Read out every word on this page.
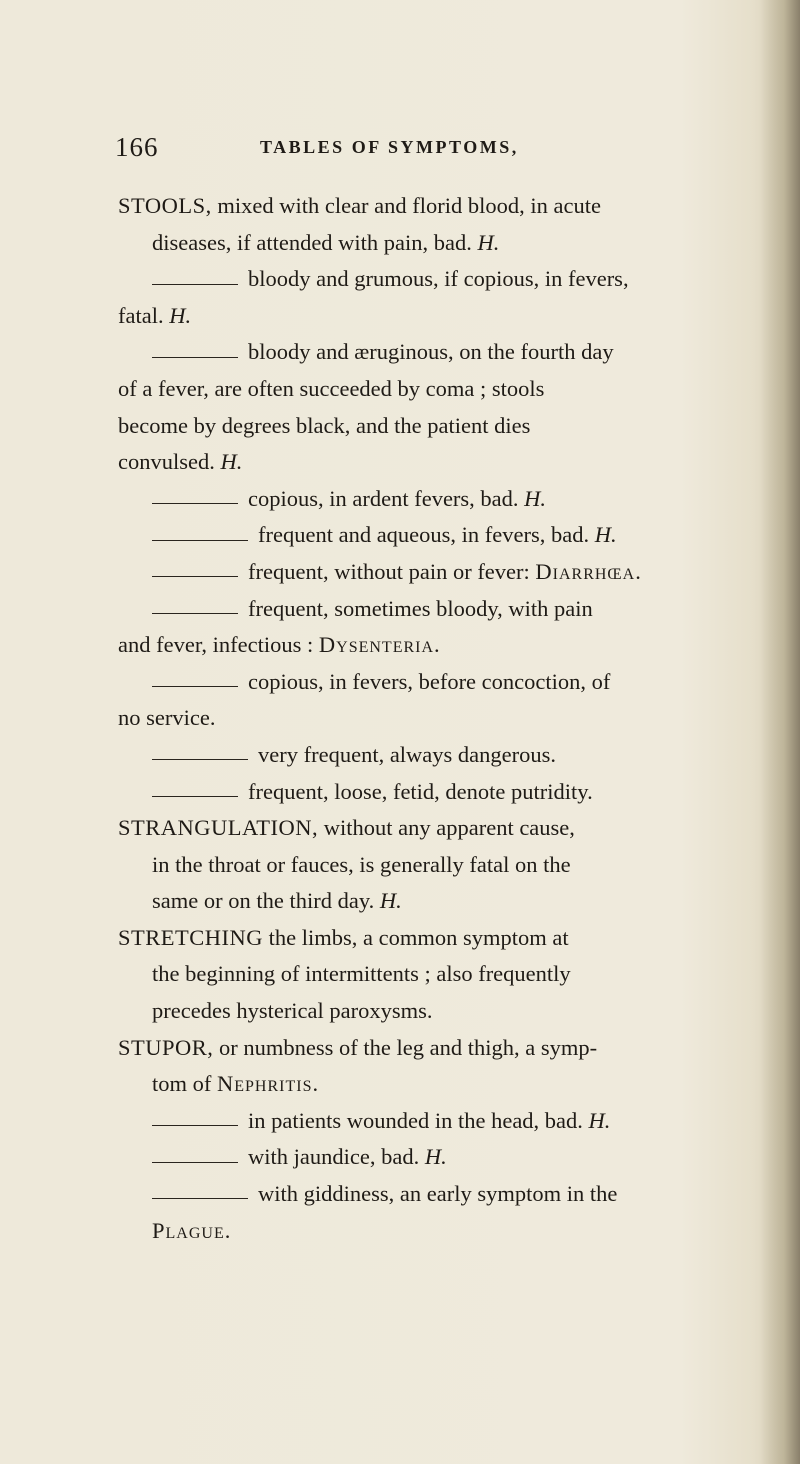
166	TABLES OF SYMPTOMS,
STOOLS, mixed with clear and florid blood, in acute
diseases, if attended with pain, bad. H.
bloody and grumous, if copious, in fevers,
fatal. H.
bloody and æruginous, on the fourth day
of a fever, are often succeeded by coma ; stools
become by degrees black, and the patient dies
convulsed. H.
copious, in ardent fevers, bad. H.
frequent and aqueous, in fevers, bad. H.
frequent, without pain or fever: Diarrhœa.
frequent, sometimes bloody, with pain
and fever, infectious : Dysenteria.
copious, in fevers, before concoction, of
no service.
very frequent, always dangerous.
frequent, loose, fetid, denote putridity.
STRANGULATION, without any apparent cause,
in the throat or fauces, is generally fatal on the
same or on the third day. H.
STRETCHING the limbs, a common symptom at
the beginning of intermittents ; also frequently
precedes hysterical paroxysms.
STUPOR, or numbness of the leg and thigh, a symp-
tom of Nephritis.
in patients wounded in the head, bad. H.
with jaundice, bad. H.
with giddiness, an early symptom in the
Plague.
